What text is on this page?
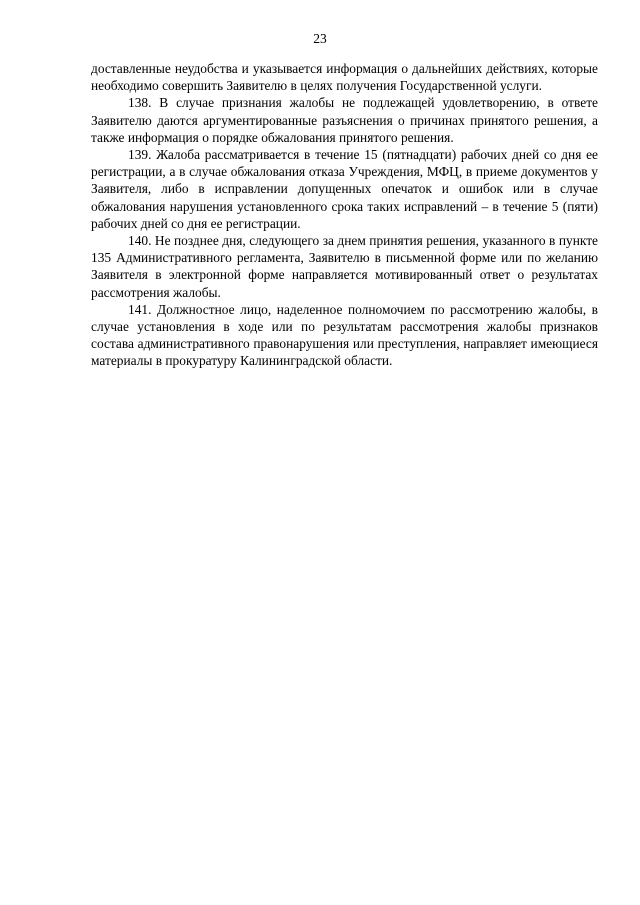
23

доставленные неудобства и указывается информация о дальнейших действиях, которые необходимо совершить Заявителю в целях получения Государственной услуги.

138. В случае признания жалобы не подлежащей удовлетворению, в ответе Заявителю даются аргументированные разъяснения о причинах принятого решения, а также информация о порядке обжалования принятого решения.

139. Жалоба рассматривается в течение 15 (пятнадцати) рабочих дней со дня ее регистрации, а в случае обжалования отказа Учреждения, МФЦ, в приеме документов у Заявителя, либо в исправлении допущенных опечаток и ошибок или в случае обжалования нарушения установленного срока таких исправлений – в течение 5 (пяти) рабочих дней со дня ее регистрации.

140. Не позднее дня, следующего за днем принятия решения, указанного в пункте 135 Административного регламента, Заявителю в письменной форме или по желанию Заявителя в электронной форме направляется мотивированный ответ о результатах рассмотрения жалобы.

141. Должностное лицо, наделенное полномочием по рассмотрению жалобы, в случае установления в ходе или по результатам рассмотрения жалобы признаков состава административного правонарушения или преступления, направляет имеющиеся материалы в прокуратуру Калининградской области.
